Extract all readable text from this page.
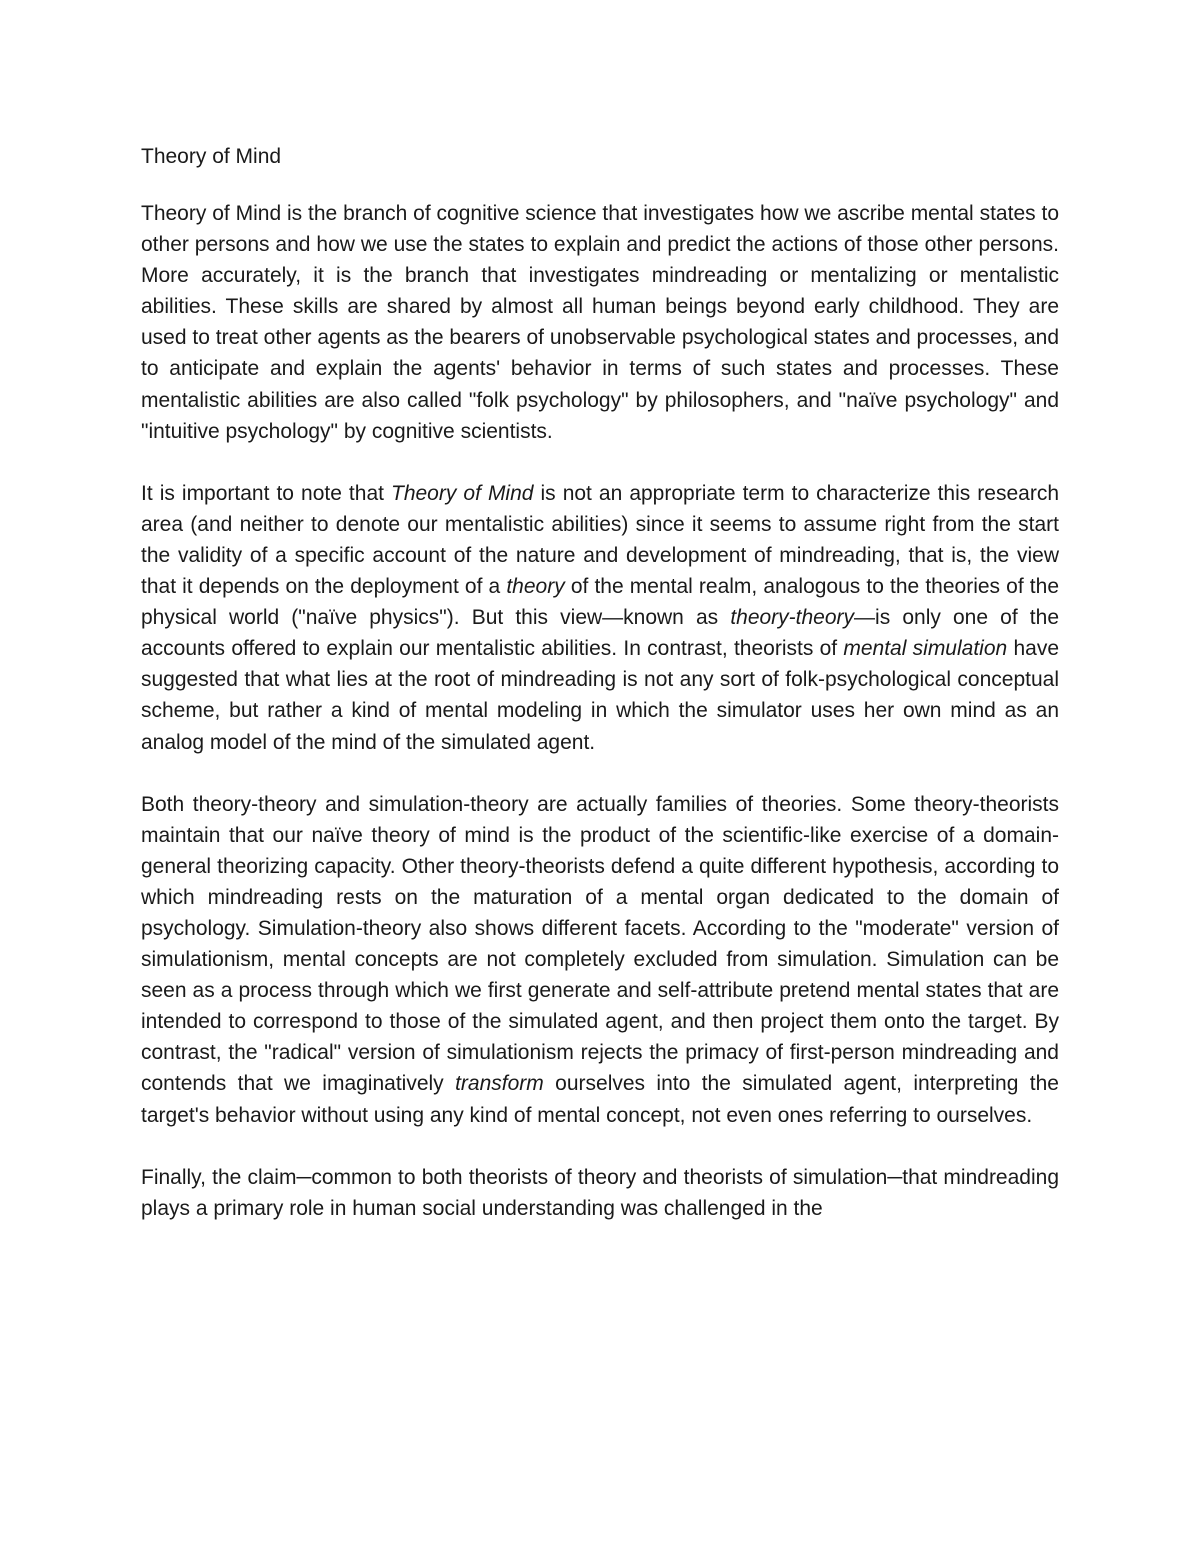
Theory of Mind

Theory of Mind is the branch of cognitive science that investigates how we ascribe mental states to other persons and how we use the states to explain and predict the actions of those other persons. More accurately, it is the branch that investigates mindreading or mentalizing or mentalistic abilities. These skills are shared by almost all human beings beyond early childhood. They are used to treat other agents as the bearers of unobservable psychological states and processes, and to anticipate and explain the agents' behavior in terms of such states and processes. These mentalistic abilities are also called "folk psychology" by philosophers, and "naïve psychology" and "intuitive psychology" by cognitive scientists.

It is important to note that Theory of Mind is not an appropriate term to characterize this research area (and neither to denote our mentalistic abilities) since it seems to assume right from the start the validity of a specific account of the nature and development of mindreading, that is, the view that it depends on the deployment of a theory of the mental realm, analogous to the theories of the physical world ("naïve physics"). But this view—known as theory-theory—is only one of the accounts offered to explain our mentalistic abilities. In contrast, theorists of mental simulation have suggested that what lies at the root of mindreading is not any sort of folk-psychological conceptual scheme, but rather a kind of mental modeling in which the simulator uses her own mind as an analog model of the mind of the simulated agent.

Both theory-theory and simulation-theory are actually families of theories. Some theory-theorists maintain that our naïve theory of mind is the product of the scientific-like exercise of a domain-general theorizing capacity. Other theory-theorists defend a quite different hypothesis, according to which mindreading rests on the maturation of a mental organ dedicated to the domain of psychology. Simulation-theory also shows different facets. According to the "moderate" version of simulationism, mental concepts are not completely excluded from simulation. Simulation can be seen as a process through which we first generate and self-attribute pretend mental states that are intended to correspond to those of the simulated agent, and then project them onto the target. By contrast, the "radical" version of simulationism rejects the primacy of first-person mindreading and contends that we imaginatively transform ourselves into the simulated agent, interpreting the target's behavior without using any kind of mental concept, not even ones referring to ourselves.

Finally, the claim─common to both theorists of theory and theorists of simulation─that mindreading plays a primary role in human social understanding was challenged in the
